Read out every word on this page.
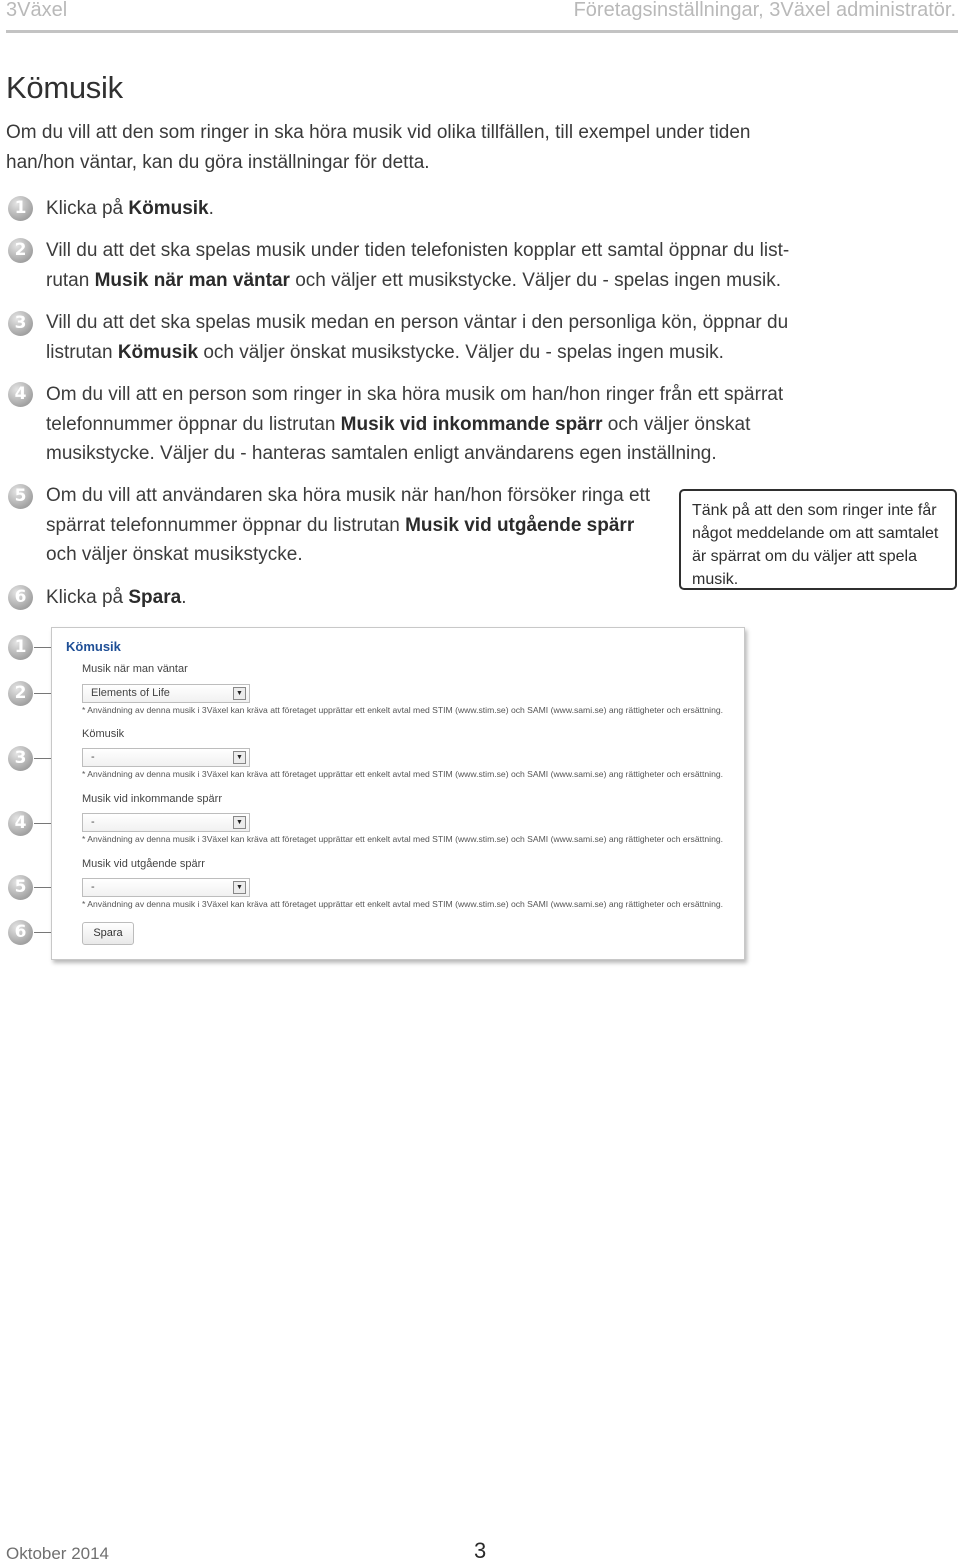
3Växel	Företagsinställningar, 3Växel administratör.
Kömusik
Om du vill att den som ringer in ska höra musik vid olika tillfällen, till exempel under tiden han/hon väntar, kan du göra inställningar för detta.
1	Klicka på Kömusik.
2	Vill du att det ska spelas musik under tiden telefonisten kopplar ett samtal öppnar du list-rutan Musik när man väntar och väljer ett musikstycke. Väljer du - spelas ingen musik.
3	Vill du att det ska spelas musik medan en person väntar i den personliga kön, öppnar du listrutan Kömusik och väljer önskat musikstycke. Väljer du - spelas ingen musik.
4	Om du vill att en person som ringer in ska höra musik om han/hon ringer från ett spärrat telefonnummer öppnar du listrutan Musik vid inkommande spärr och väljer önskat musikstycke. Väljer du - hanteras samtalen enligt användarens egen inställning.
5	Om du vill att användaren ska höra musik när han/hon försöker ringa ett spärrat telefonnummer öppnar du listrutan Musik vid utgående spärr och väljer önskat musikstycke.
6	Klicka på Spara.
Tänk på att den som ringer inte får något meddelande om att samtalet är spärrat om du väljer att spela musik.
1
2
3
4
5
6
Kömusik
Musik när man väntar
Elements of Life	▼
* Användning av denna musik i 3Växel kan kräva att företaget upprättar ett enkelt avtal med STIM (www.stim.se) och SAMI (www.sami.se) ang rättigheter och ersättning.
Kömusik
-	▼
* Användning av denna musik i 3Växel kan kräva att företaget upprättar ett enkelt avtal med STIM (www.stim.se) och SAMI (www.sami.se) ang rättigheter och ersättning.
Musik vid inkommande spärr
-	▼
* Användning av denna musik i 3Växel kan kräva att företaget upprättar ett enkelt avtal med STIM (www.stim.se) och SAMI (www.sami.se) ang rättigheter och ersättning.
Musik vid utgående spärr
-	▼
* Användning av denna musik i 3Växel kan kräva att företaget upprättar ett enkelt avtal med STIM (www.stim.se) och SAMI (www.sami.se) ang rättigheter och ersättning.
Spara
Oktober 2014	3
